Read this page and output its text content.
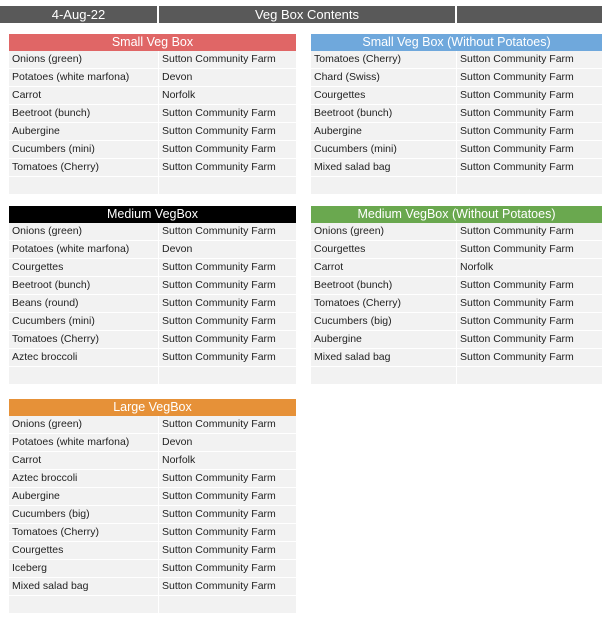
4-Aug-22	Veg Box Contents
Small Veg Box
Onions (green)	Sutton Community Farm
Potatoes (white marfona)	Devon
Carrot	Norfolk
Beetroot (bunch)	Sutton Community Farm
Aubergine	Sutton Community Farm
Cucumbers (mini)	Sutton Community Farm
Tomatoes (Cherry)	Sutton Community Farm
Small Veg Box (Without Potatoes)
Tomatoes (Cherry)	Sutton Community Farm
Chard (Swiss)	Sutton Community Farm
Courgettes	Sutton Community Farm
Beetroot (bunch)	Sutton Community Farm
Aubergine	Sutton Community Farm
Cucumbers (mini)	Sutton Community Farm
Mixed salad bag	Sutton Community Farm
Medium VegBox
Onions (green)	Sutton Community Farm
Potatoes (white marfona)	Devon
Courgettes	Sutton Community Farm
Beetroot (bunch)	Sutton Community Farm
Beans (round)	Sutton Community Farm
Cucumbers (mini)	Sutton Community Farm
Tomatoes (Cherry)	Sutton Community Farm
Aztec broccoli	Sutton Community Farm
Medium VegBox (Without Potatoes)
Onions (green)	Sutton Community Farm
Courgettes	Sutton Community Farm
Carrot	Norfolk
Beetroot (bunch)	Sutton Community Farm
Tomatoes (Cherry)	Sutton Community Farm
Cucumbers (big)	Sutton Community Farm
Aubergine	Sutton Community Farm
Mixed salad bag	Sutton Community Farm
Large VegBox
Onions (green)	Sutton Community Farm
Potatoes (white marfona)	Devon
Carrot	Norfolk
Aztec broccoli	Sutton Community Farm
Aubergine	Sutton Community Farm
Cucumbers (big)	Sutton Community Farm
Tomatoes (Cherry)	Sutton Community Farm
Courgettes	Sutton Community Farm
Iceberg	Sutton Community Farm
Mixed salad bag	Sutton Community Farm
